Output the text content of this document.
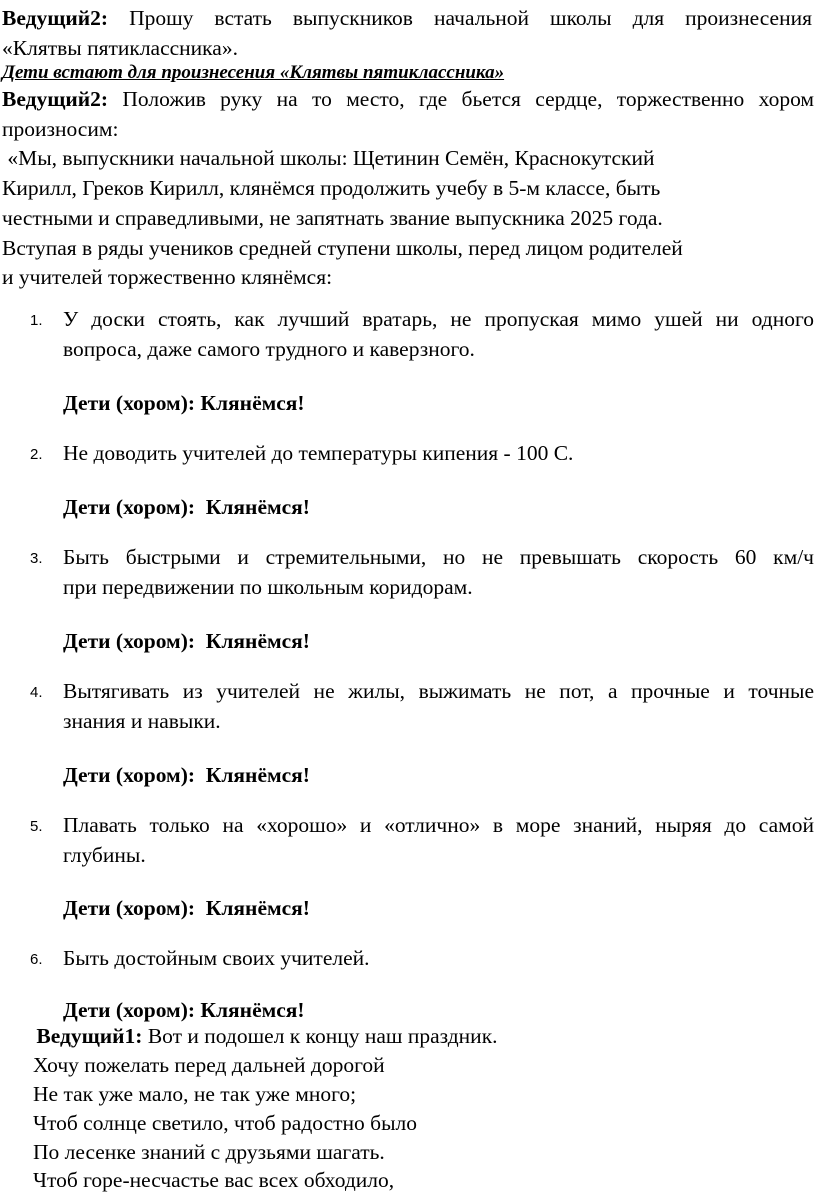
Ведущий2: Прошу встать выпускников начальной школы для произнесения
«Клятвы пятиклассника».
Дети встают для произнесения «Клятвы пятиклассника»
Ведущий2: Положив руку на то место, где бьется сердце, торжественно хором
произносим:
«Мы, выпускники начальной школы: Щетинин Семён, Краснокутский
Кирилл, Греков Кирилл, клянёмся продолжить учебу в 5-м классе, быть
честными и справедливыми, не запятнать звание выпускника 2025 года.
Вступая в ряды учеников средней ступени школы, перед лицом родителей
и учителей торжественно клянёмся:
1. У доски стоять, как лучший вратарь, не пропуская мимо ушей ни одного
вопроса, даже самого трудного и каверзного.
Дети (хором): Клянёмся!
2. Не доводить учителей до температуры кипения - 100 С.
Дети (хором):  Клянёмся!
3. Быть быстрыми и стремительными, но не превышать скорость 60 км/ч
при передвижении по школьным коридорам.
Дети (хором):  Клянёмся!
4. Вытягивать из учителей не жилы, выжимать не пот, а прочные и точные
знания и навыки.
Дети (хором):  Клянёмся!
5. Плавать только на «хорошо» и «отлично» в море знаний, ныряя до самой
глубины.
Дети (хором):  Клянёмся!
6. Быть достойным своих учителей.
Дети (хором): Клянёмся!
Ведущий1: Вот и подошел к концу наш праздник.
Хочу пожелать перед дальней дорогой
Не так уже мало, не так уже много;
Чтоб солнце светило, чтоб радостно было
По лесенке знаний с друзьями шагать.
Чтоб горе-несчастье вас всех обходило,
